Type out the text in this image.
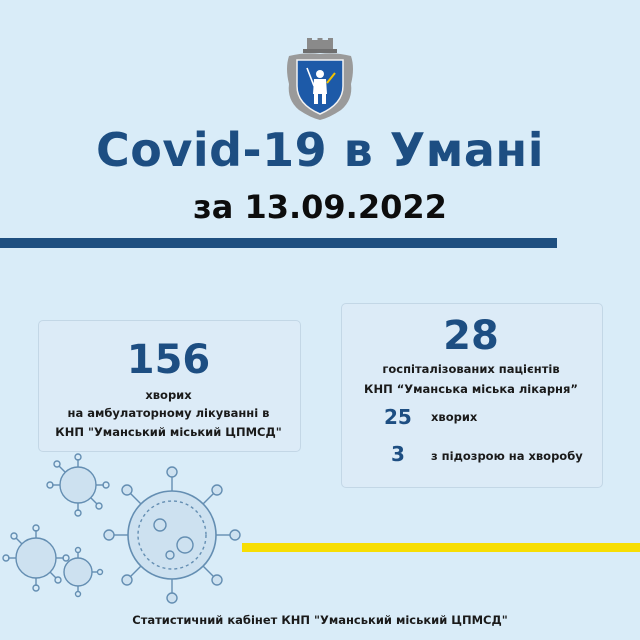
Covid-19 в Умані
за 13.09.2022
156
хворих
на амбулаторному лікуванні в
КНП "Уманський міський ЦПМСД"
28
госпіталізованих пацієнтів
КНП “Уманська міська лікарня”
25 хворих
3 з підозрою на хворобу
Статистичний кабінет КНП "Уманський міський ЦПМСД"
